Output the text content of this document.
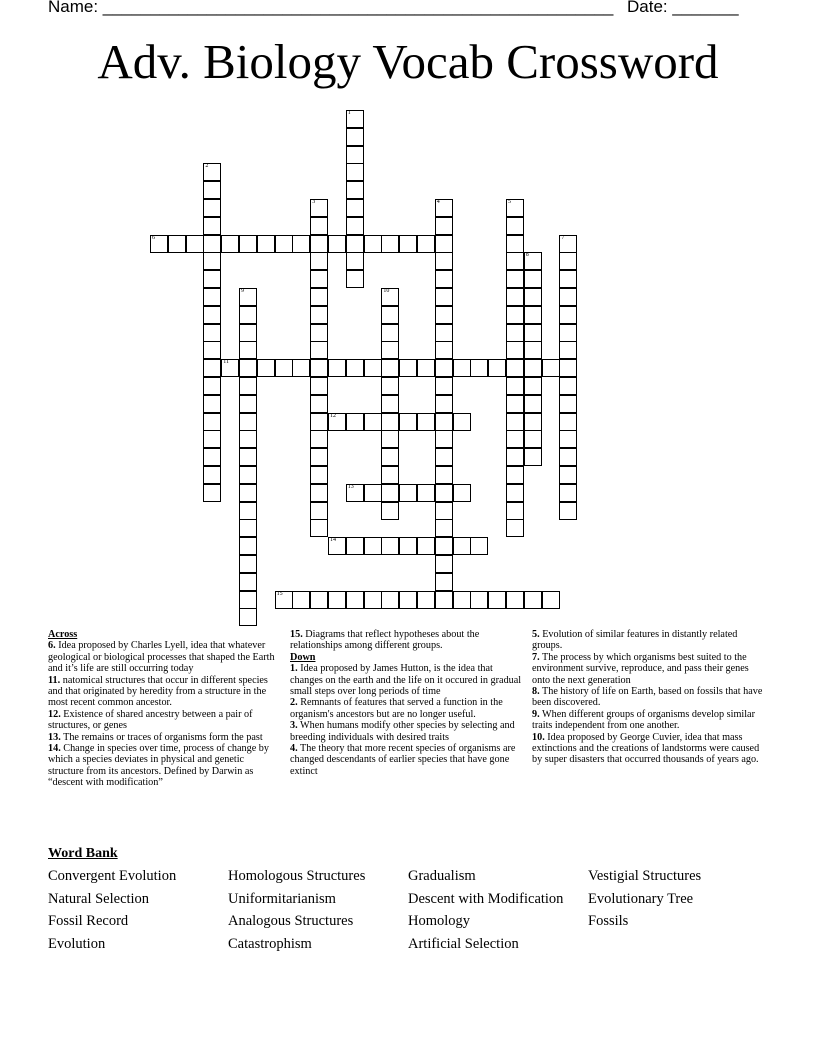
Name: ______________________________________________________ Date: _______
Adv. Biology Vocab Crossword
1
2
3	4	5
6	7
8
9	10
11
12
13
14
15
Across
6. Idea proposed by Charles Lyell, idea that whatever geological or biological processes that shaped the Earth and it’s life are still occurring today
11. natomical structures that occur in different species and that originated by heredity from a structure in the most recent common ancestor.
12. Existence of shared ancestry between a pair of structures, or genes
13. The remains or traces of organisms form the past
14. Change in species over time, process of change by which a species deviates in physical and genetic structure from its ancestors. Defined by Darwin as “descent with modification”
15. Diagrams that reflect hypotheses about the relationships among different groups.
Down
1. Idea proposed by James Hutton, is the idea that changes on the earth and the life on it occured in gradual small steps over long periods of time
2. Remnants of features that served a function in the organism's ancestors but are no longer useful.
3. When humans modify other species by selecting and breeding individuals with desired traits
4. The theory that more recent species of organisms are changed descendants of earlier species that have gone extinct
5. Evolution of similar features in distantly related groups.
7. The process by which organisms best suited to the environment survive, reproduce, and pass their genes onto the next generation
8. The history of life on Earth, based on fossils that have been discovered.
9. When different groups of organisms develop similar traits independent from one another.
10. Idea proposed by George Cuvier, idea that mass extinctions and the creations of landstorms were caused by super disasters that occurred thousands of years ago.
Word Bank
Convergent Evolution
Natural Selection
Fossil Record
Evolution
Homologous Structures
Uniformitarianism
Analogous Structures
Catastrophism
Gradualism
Descent with Modification
Homology
Artificial Selection
Vestigial Structures
Evolutionary Tree
Fossils
